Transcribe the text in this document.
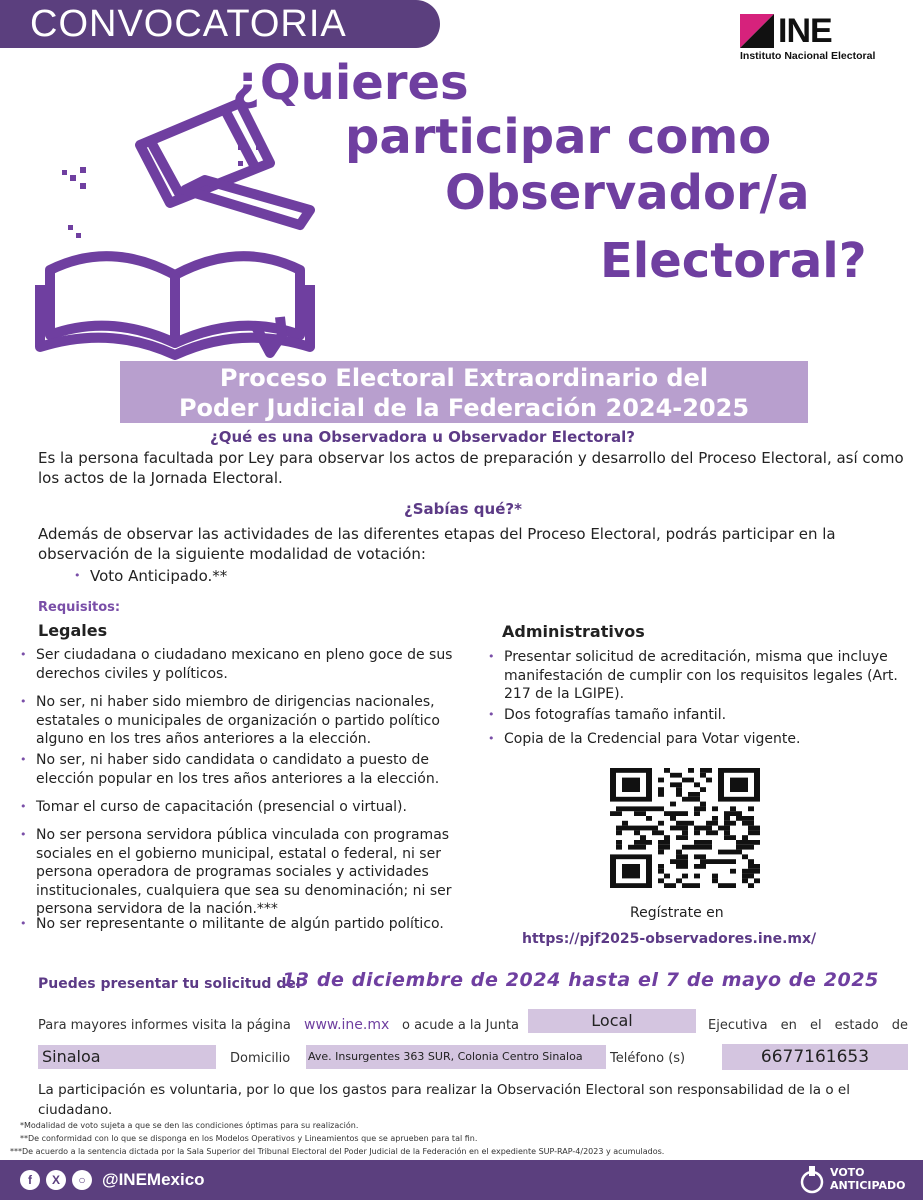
CONVOCATORIA	INE
Instituto Nacional Electoral
¿Quieres
participar como
Observador/a
Electoral?
Proceso Electoral Extraordinario del
Poder Judicial de la Federación 2024-2025
¿Qué es una Observadora u Observador Electoral?
Es la persona facultada por Ley para observar los actos de preparación y desarrollo del Proceso Electoral, así como los actos de la Jornada Electoral.
¿Sabías qué?*
Además de observar las actividades de las diferentes etapas del Proceso Electoral, podrás participar en la observación de la siguiente modalidad de votación:
• Voto Anticipado.**
Requisitos:
Legales	Administrativos
• Ser ciudadana o ciudadano mexicano en pleno goce de sus derechos civiles y políticos.
• No ser, ni haber sido miembro de dirigencias nacionales, estatales o municipales de organización o partido político alguno en los tres años anteriores a la elección.
• No ser, ni haber sido candidata o candidato a puesto de elección popular en los tres años anteriores a la elección.
• Tomar el curso de capacitación (presencial o virtual).
• No ser persona servidora pública vinculada con programas sociales en el gobierno municipal, estatal o federal, ni ser persona operadora de programas sociales y actividades institucionales, cualquiera que sea su denominación; ni ser persona servidora de la nación.***
• No ser representante o militante de algún partido político.
• Presentar solicitud de acreditación, misma que incluye manifestación de cumplir con los requisitos legales (Art. 217 de la LGIPE).
• Dos fotografías tamaño infantil.
• Copia de la Credencial para Votar vigente.
Regístrate en
https://pjf2025-observadores.ine.mx/
Puedes presentar tu solicitud del
13 de diciembre de 2024 hasta el 7 de mayo de 2025
Para mayores informes visita la página www.ine.mx o acude a la Junta	Local	Ejecutiva en el estado de
Sinaloa	Domicilio Ave. Insurgentes 363 SUR, Colonia Centro Sinaloa	Teléfono (s)	6677161653
La participación es voluntaria, por lo que los gastos para realizar la Observación Electoral son responsabilidad de la o el ciudadano.
*Modalidad de voto sujeta a que se den las condiciones óptimas para su realización.
**De conformidad con lo que se disponga en los Modelos Operativos y Lineamientos que se aprueben para tal fin.
***De acuerdo a la sentencia dictada por la Sala Superior del Tribunal Electoral del Poder Judicial de la Federación en el expediente SUP-RAP-4/2023 y acumulados.
f	X	○ @INEMexico	VOTO
ANTICIPADO
